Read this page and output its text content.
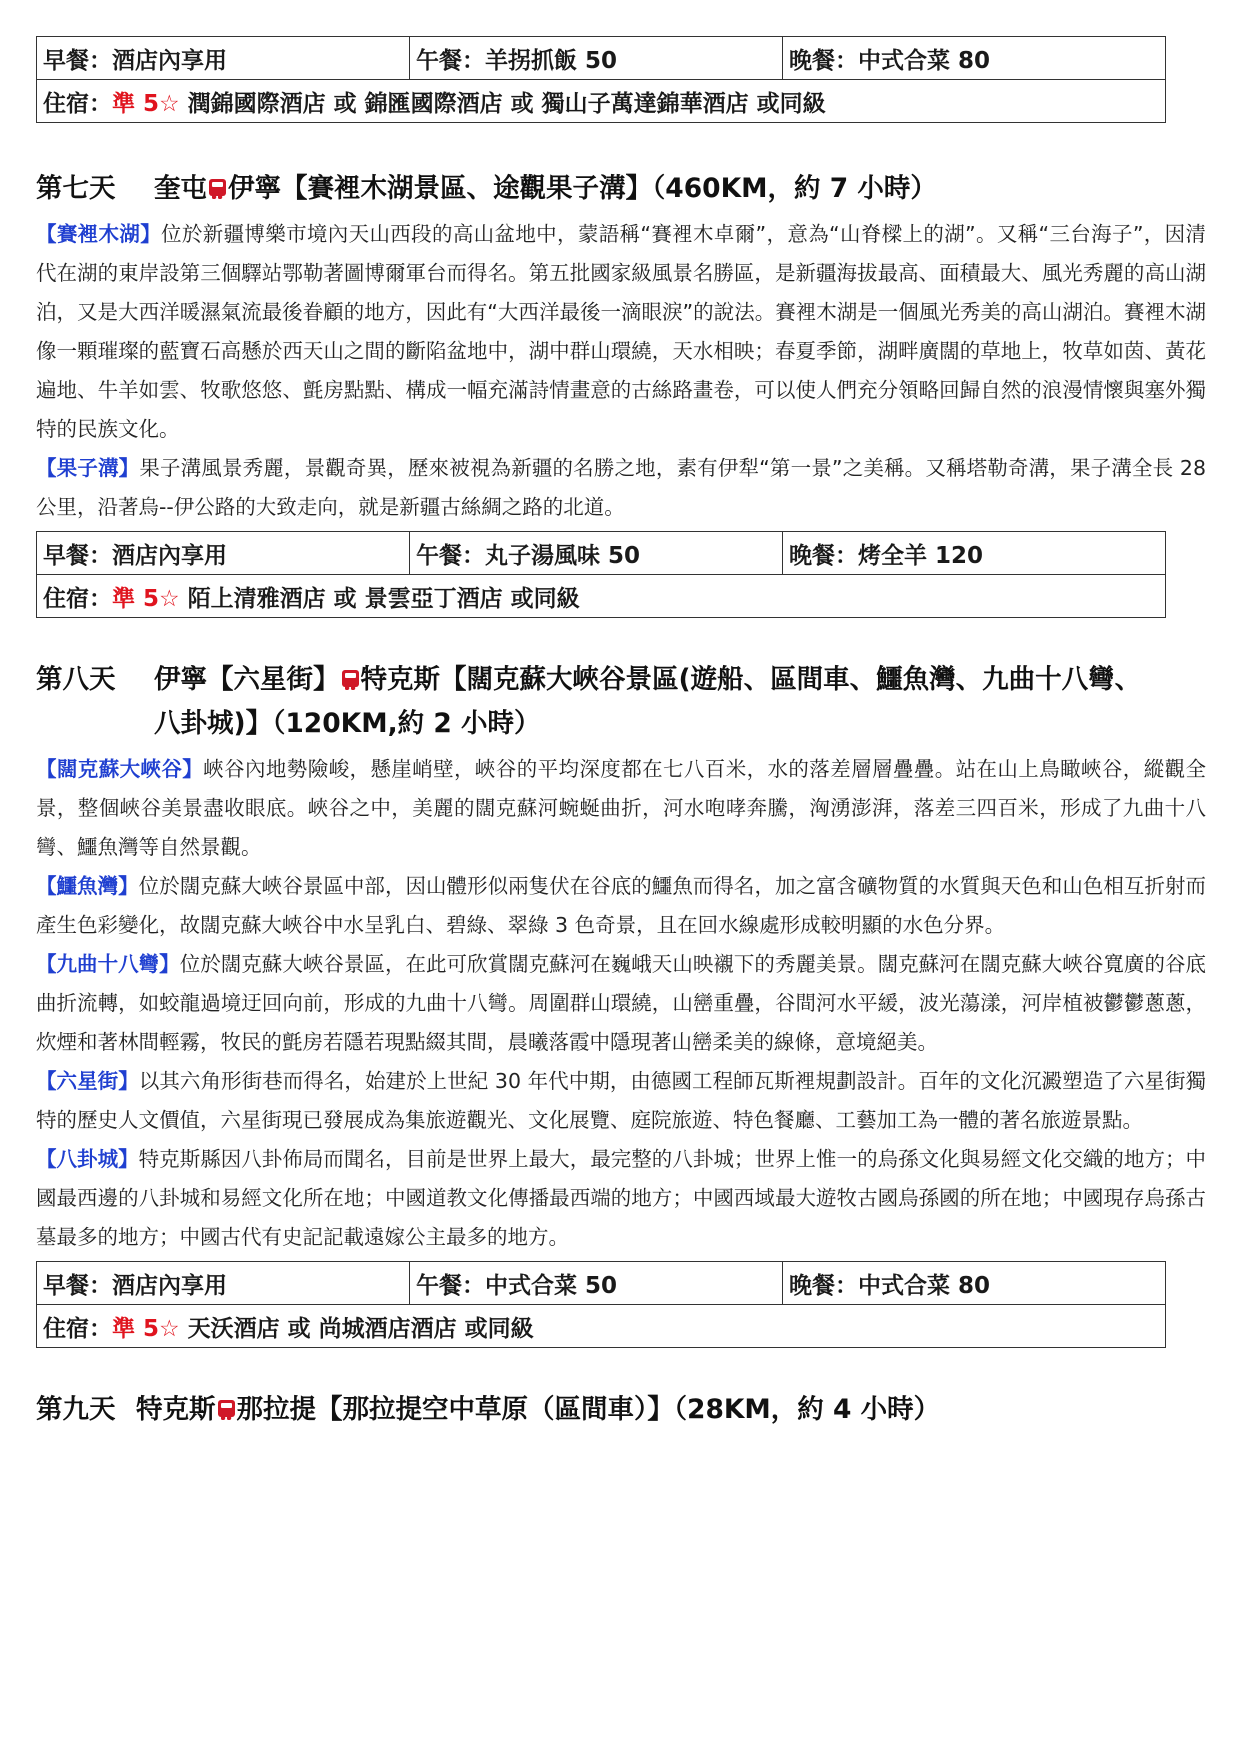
早餐：酒店內享用	午餐：羊拐抓飯 50	晚餐：中式合菜 80
住宿：準 5☆ 潤錦國際酒店 或 錦匯國際酒店 或 獨山子萬達錦華酒店 或同級
第七天 奎屯 伊寧【賽裡木湖景區、途觀果子溝】（460KM，約 7 小時）

【賽裡木湖】位於新疆博樂市境內天山西段的高山盆地中，蒙語稱“賽裡木卓爾”，意為“山脊樑上的湖”。又稱“三台海子”，因清代在湖的東岸設第三個驛站鄂勒著圖博爾軍台而得名。第五批國家級風景名勝區，是新疆海拔最高、面積最大、風光秀麗的高山湖泊，又是大西洋暖濕氣流最後眷顧的地方，因此有“大西洋最後一滴眼淚”的說法。賽裡木湖是一個風光秀美的高山湖泊。賽裡木湖像一顆璀璨的藍寶石高懸於西天山之間的斷陷盆地中，湖中群山環繞，天水相映；春夏季節，湖畔廣闊的草地上，牧草如茵、黃花遍地、牛羊如雲、牧歌悠悠、氈房點點、構成一幅充滿詩情畫意的古絲路畫卷，可以使人們充分領略回歸自然的浪漫情懷與塞外獨特的民族文化。

【果子溝】果子溝風景秀麗，景觀奇異，歷來被視為新疆的名勝之地，素有伊犁“第一景”之美稱。又稱塔勒奇溝，果子溝全長 28 公里，沿著烏--伊公路的大致走向，就是新疆古絲綢之路的北道。

早餐：酒店內享用	午餐：丸子湯風味 50	晚餐：烤全羊 120
住宿：準 5☆ 陌上清雅酒店 或 景雲亞丁酒店 或同級
第八天 伊寧【六星街】 特克斯【闊克蘇大峽谷景區(遊船、區間車、鱷魚灣、九曲十八彎、
八卦城)】（120KM,約 2 小時）

【闊克蘇大峽谷】峽谷內地勢險峻，懸崖峭壁，峽谷的平均深度都在七八百米，水的落差層層疊疊。站在山上鳥瞰峽谷，縱觀全景，整個峽谷美景盡收眼底。峽谷之中，美麗的闊克蘇河蜿蜒曲折，河水咆哮奔騰，洶湧澎湃，落差三四百米，形成了九曲十八彎、鱷魚灣等自然景觀。

【鱷魚灣】位於闊克蘇大峽谷景區中部，因山體形似兩隻伏在谷底的鱷魚而得名，加之富含礦物質的水質與天色和山色相互折射而產生色彩變化，故闊克蘇大峽谷中水呈乳白、碧綠、翠綠 3 色奇景，且在回水線處形成較明顯的水色分界。

【九曲十八彎】位於闊克蘇大峽谷景區，在此可欣賞闊克蘇河在巍峨天山映襯下的秀麗美景。闊克蘇河在闊克蘇大峽谷寬廣的谷底曲折流轉，如蛟龍過境迂回向前，形成的九曲十八彎。周圍群山環繞，山巒重疊，谷間河水平緩，波光蕩漾，河岸植被鬱鬱蔥蔥，炊煙和著林間輕霧，牧民的氈房若隱若現點綴其間，晨曦落霞中隱現著山巒柔美的線條，意境絕美。

【六星街】以其六角形街巷而得名，始建於上世紀 30 年代中期，由德國工程師瓦斯裡規劃設計。百年的文化沉澱塑造了六星街獨特的歷史人文價值，六星街現已發展成為集旅遊觀光、文化展覽、庭院旅遊、特色餐廳、工藝加工為一體的著名旅遊景點。

【八卦城】特克斯縣因八卦佈局而聞名，目前是世界上最大，最完整的八卦城；世界上惟一的烏孫文化與易經文化交織的地方；中國最西邊的八卦城和易經文化所在地；中國道教文化傳播最西端的地方；中國西域最大遊牧古國烏孫國的所在地；中國現存烏孫古墓最多的地方；中國古代有史記記載遠嫁公主最多的地方。

早餐：酒店內享用	午餐：中式合菜 50	晚餐：中式合菜 80
住宿：準 5☆ 天沃酒店 或 尚城酒店酒店 或同級
第九天 特克斯 那拉提【那拉提空中草原（區間車）】（28KM，約 4 小時）
